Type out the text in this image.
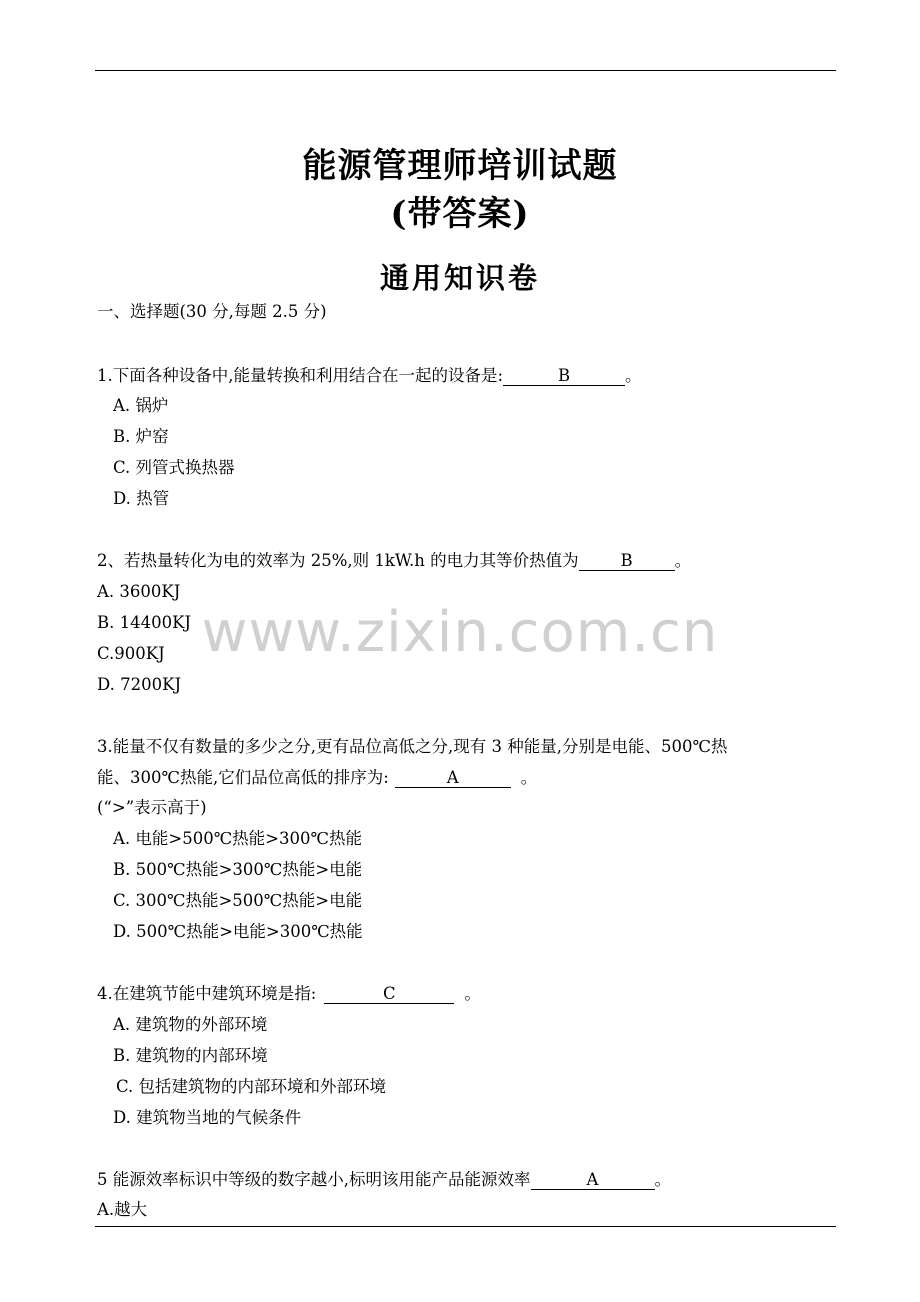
能源管理师培训试题
(带答案)
通用知识卷
一、选择题(30 分,每题 2.5 分)
1.下面各种设备中,能量转换和利用结合在一起的设备是:	B	。
A. 锅炉
B. 炉窑
C. 列管式换热器
D. 热管
2、若热量转化为电的效率为 25%,则 1kW.h 的电力其等价热值为	B	。
A. 3600KJ
B. 14400KJ
C.900KJ
D. 7200KJ
3.能量不仅有数量的多少之分,更有品位高低之分,现有 3 种能量,分别是电能、500℃热
能、300℃热能,它们品位高低的排序为:	A	。
(“>”表示高于)
A. 电能>500℃热能>300℃热能
B. 500℃热能>300℃热能>电能
C. 300℃热能>500℃热能>电能
D. 500℃热能>电能>300℃热能
4.在建筑节能中建筑环境是指:	C	。
A. 建筑物的外部环境
B. 建筑物的内部环境
C. 包括建筑物的内部环境和外部环境
D. 建筑物当地的气候条件
5 能源效率标识中等级的数字越小,标明该用能产品能源效率	A	。
A.越大
www.zixin.com.cn
